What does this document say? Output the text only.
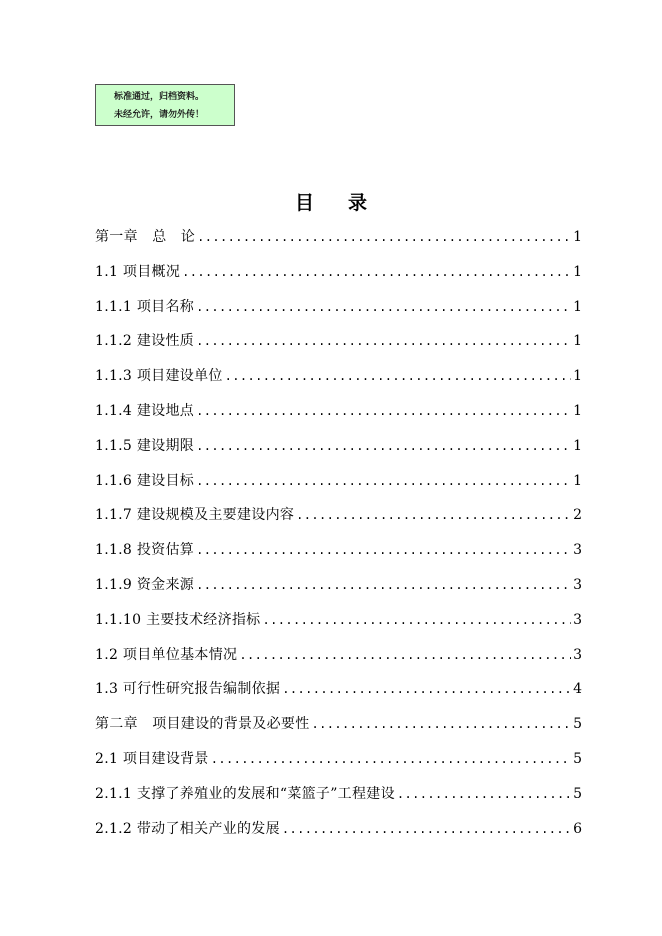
标准通过，归档资料。
未经允许，请勿外传！
目 录
第一章　总　论 .....	1
1.1 项目概况 .....	1
1.1.1 项目名称 .....	1
1.1.2 建设性质 .....	1
1.1.3 项目建设单位 .....	1
1.1.4 建设地点 .....	1
1.1.5 建设期限 .....	1
1.1.6 建设目标 .....	1
1.1.7 建设规模及主要建设内容 .....	2
1.1.8 投资估算 .....	3
1.1.9 资金来源 .....	3
1.1.10 主要技术经济指标 .....	3
1.2 项目单位基本情况 .....	3
1.3 可行性研究报告编制依据 .....	4
第二章　项目建设的背景及必要性 .....	5
2.1 项目建设背景 .....	5
2.1.1 支撑了养殖业的发展和“菜篮子”工程建设 .....	5
2.1.2 带动了相关产业的发展 .....	6
